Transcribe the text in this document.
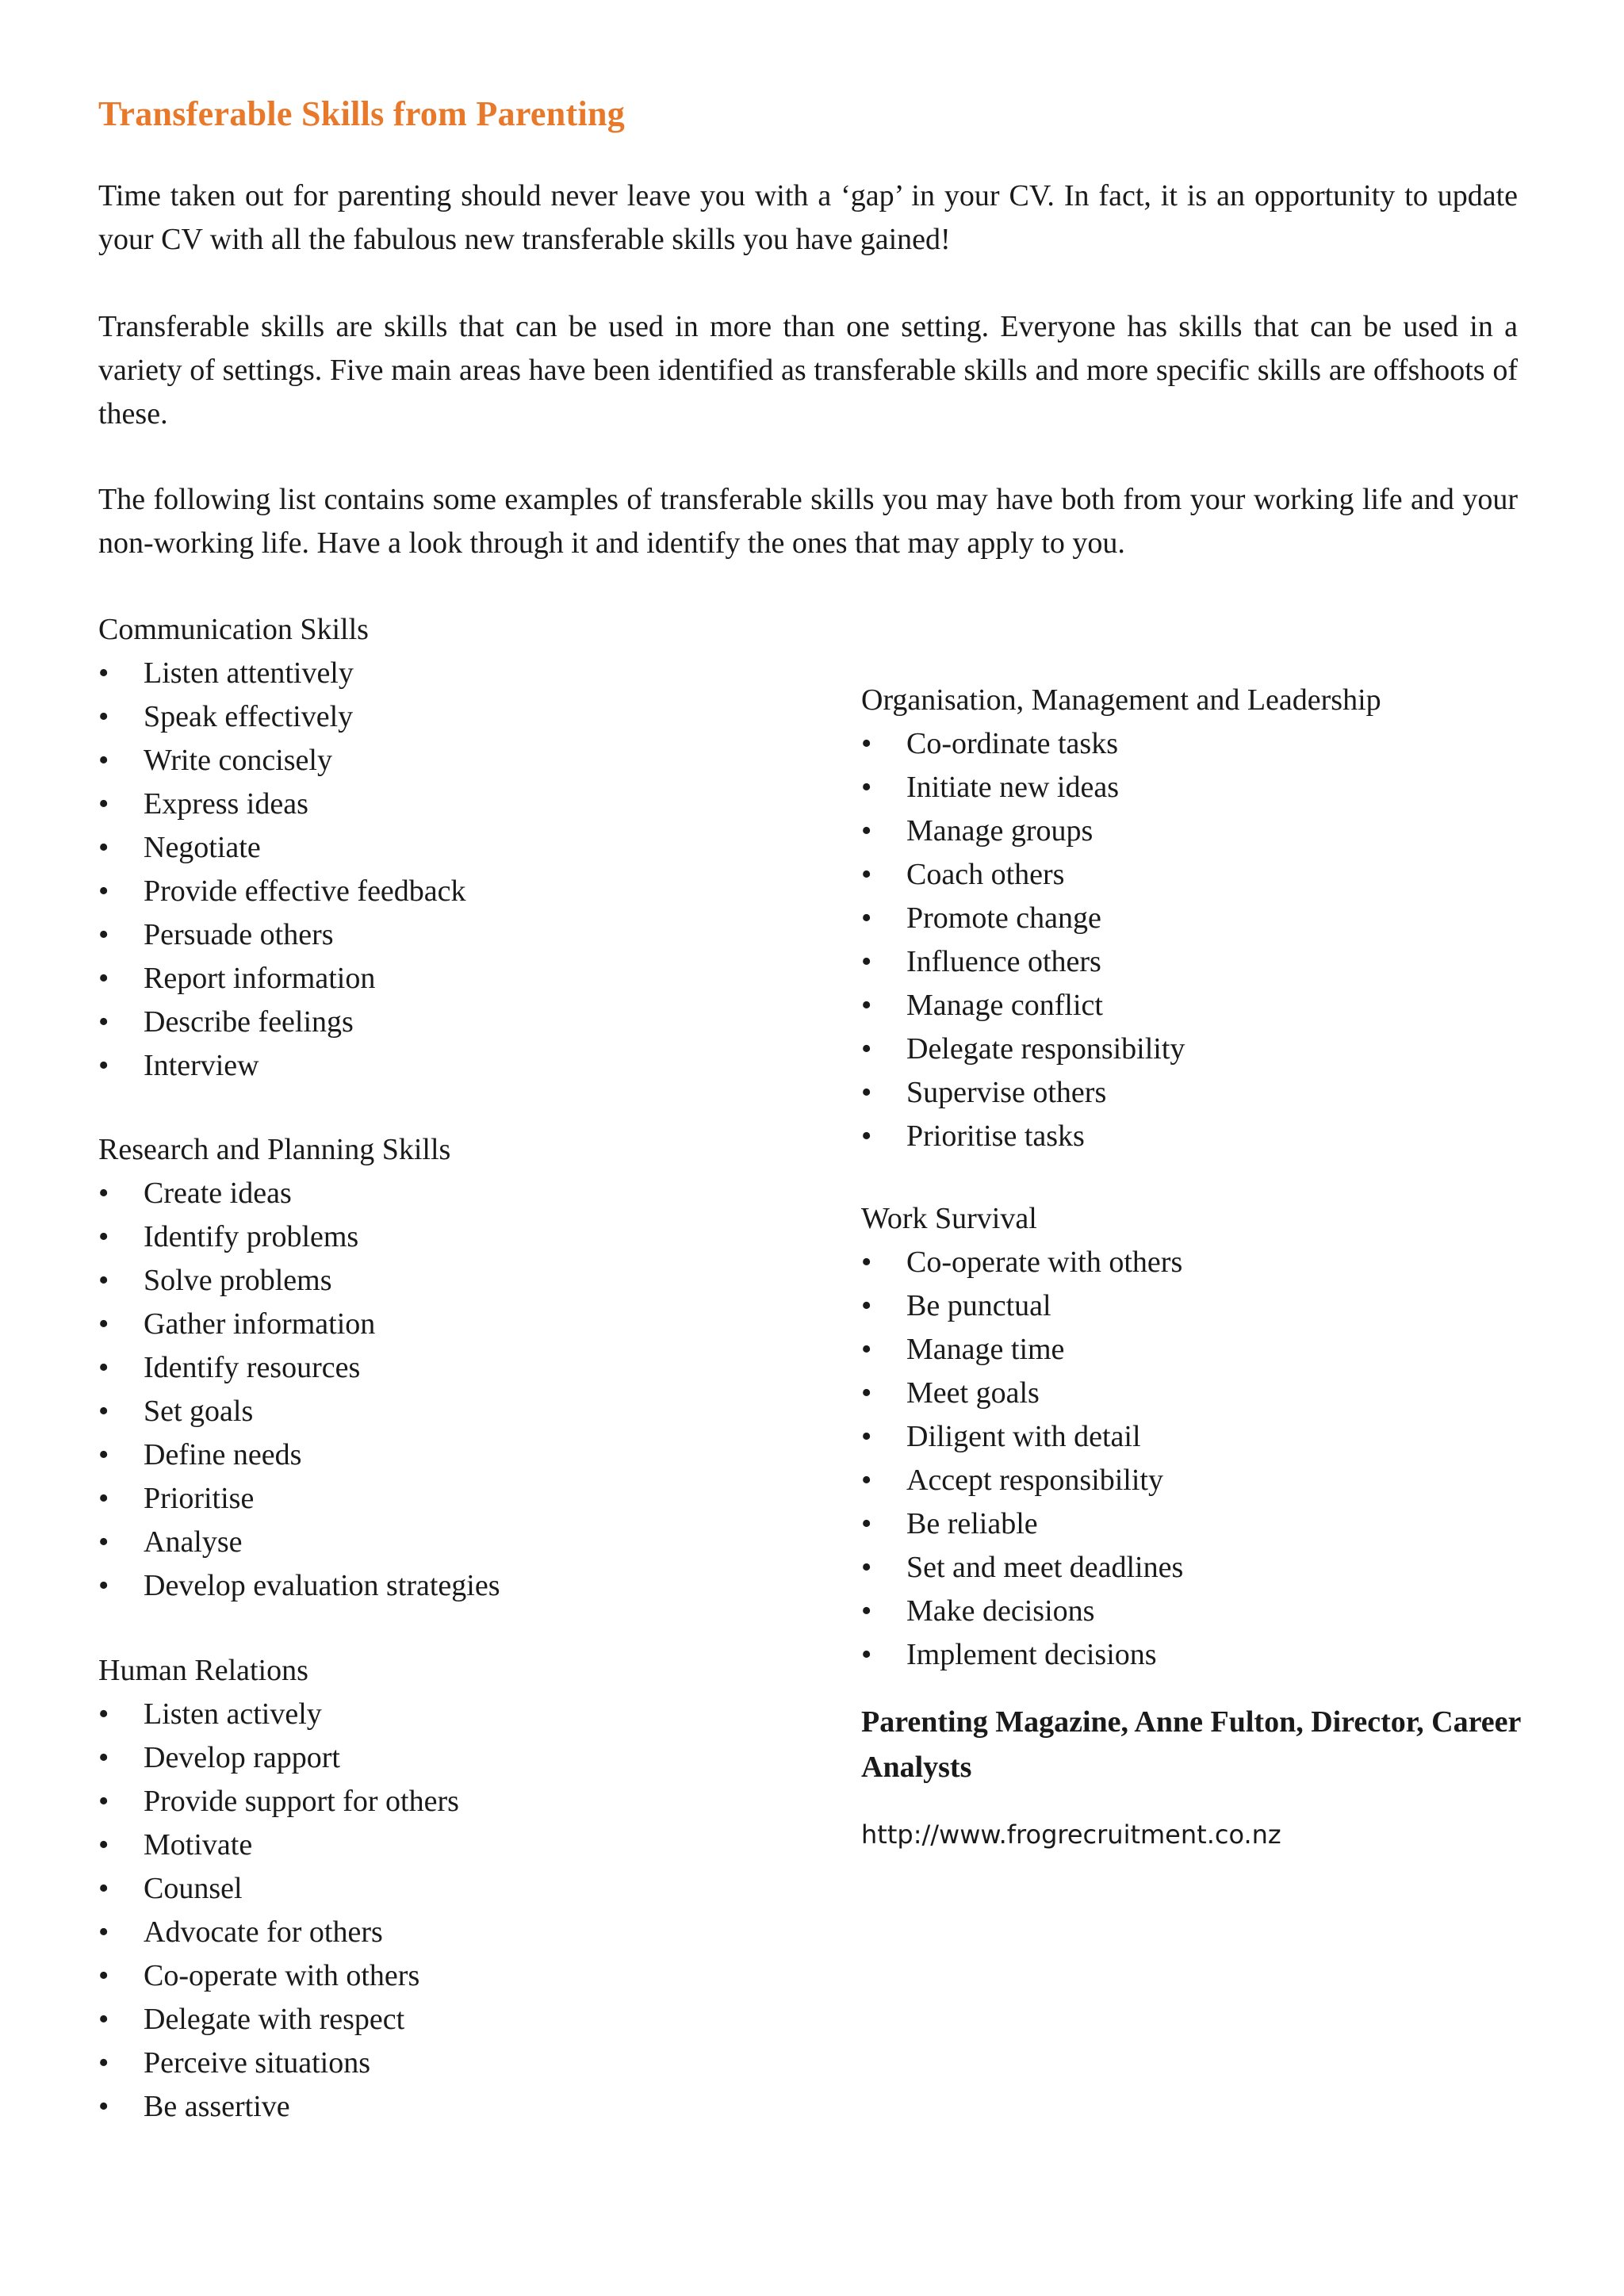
Transferable Skills from Parenting

Time taken out for parenting should never leave you with a ‘gap’ in your CV. In fact, it is an opportunity to update your CV with all the fabulous new transferable skills you have gained!

Transferable skills are skills that can be used in more than one setting. Everyone has skills that can be used in a variety of settings. Five main areas have been identified as transferable skills and more specific skills are offshoots of these.

The following list contains some examples of transferable skills you may have both from your working life and your non-working life. Have a look through it and identify the ones that may apply to you.

Communication Skills

• Listen attentively
• Speak effectively
• Write concisely
• Express ideas
• Negotiate
• Provide effective feedback
• Persuade others
• Report information
• Describe feelings
• Interview

Research and Planning Skills

• Create ideas
• Identify problems
• Solve problems
• Gather information
• Identify resources
• Set goals
• Define needs
• Prioritise
• Analyse
• Develop evaluation strategies

Human Relations

• Listen actively
• Develop rapport
• Provide support for others
• Motivate
• Counsel
• Advocate for others
• Co-operate with others
• Delegate with respect
• Perceive situations
• Be assertive

Organisation, Management and Leadership

• Co-ordinate tasks
• Initiate new ideas
• Manage groups
• Coach others
• Promote change
• Influence others
• Manage conflict
• Delegate responsibility
• Supervise others
• Prioritise tasks

Work Survival

• Co-operate with others
• Be punctual
• Manage time
• Meet goals
• Diligent with detail
• Accept responsibility
• Be reliable
• Set and meet deadlines
• Make decisions
• Implement decisions

Parenting Magazine, Anne Fulton, Director, Career Analysts

http://www.frogrecruitment.co.nz
